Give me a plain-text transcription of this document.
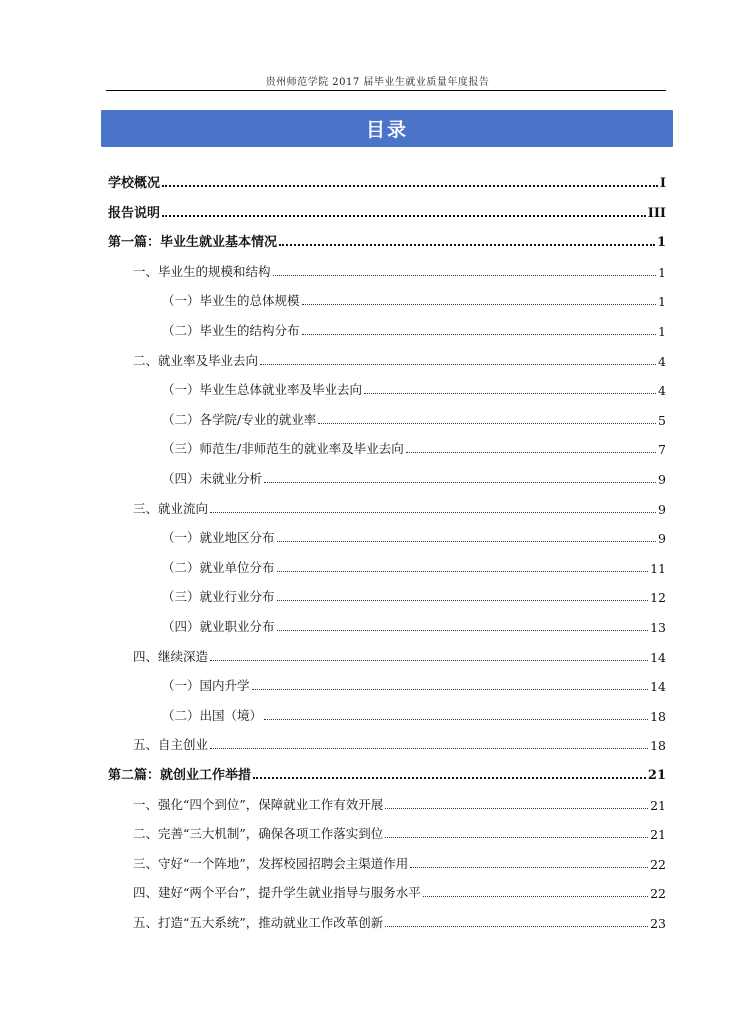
贵州师范学院 2017 届毕业生就业质量年度报告
目录
学校概况	I
报告说明	III
第一篇：毕业生就业基本情况	1
一、毕业生的规模和结构	1
（一）毕业生的总体规模	1
（二）毕业生的结构分布	1
二、就业率及毕业去向	4
（一）毕业生总体就业率及毕业去向	4
（二）各学院/专业的就业率	5
（三）师范生/非师范生的就业率及毕业去向	7
（四）未就业分析	9
三、就业流向	9
（一）就业地区分布	9
（二）就业单位分布	11
（三）就业行业分布	12
（四）就业职业分布	13
四、继续深造	14
（一）国内升学	14
（二）出国（境）	18
五、自主创业	18
第二篇：就创业工作举措	21
一、强化“四个到位”，保障就业工作有效开展	21
二、完善“三大机制”，确保各项工作落实到位	21
三、守好“一个阵地”，发挥校园招聘会主渠道作用	22
四、建好“两个平台”，提升学生就业指导与服务水平	22
五、打造“五大系统”，推动就业工作改革创新	23
